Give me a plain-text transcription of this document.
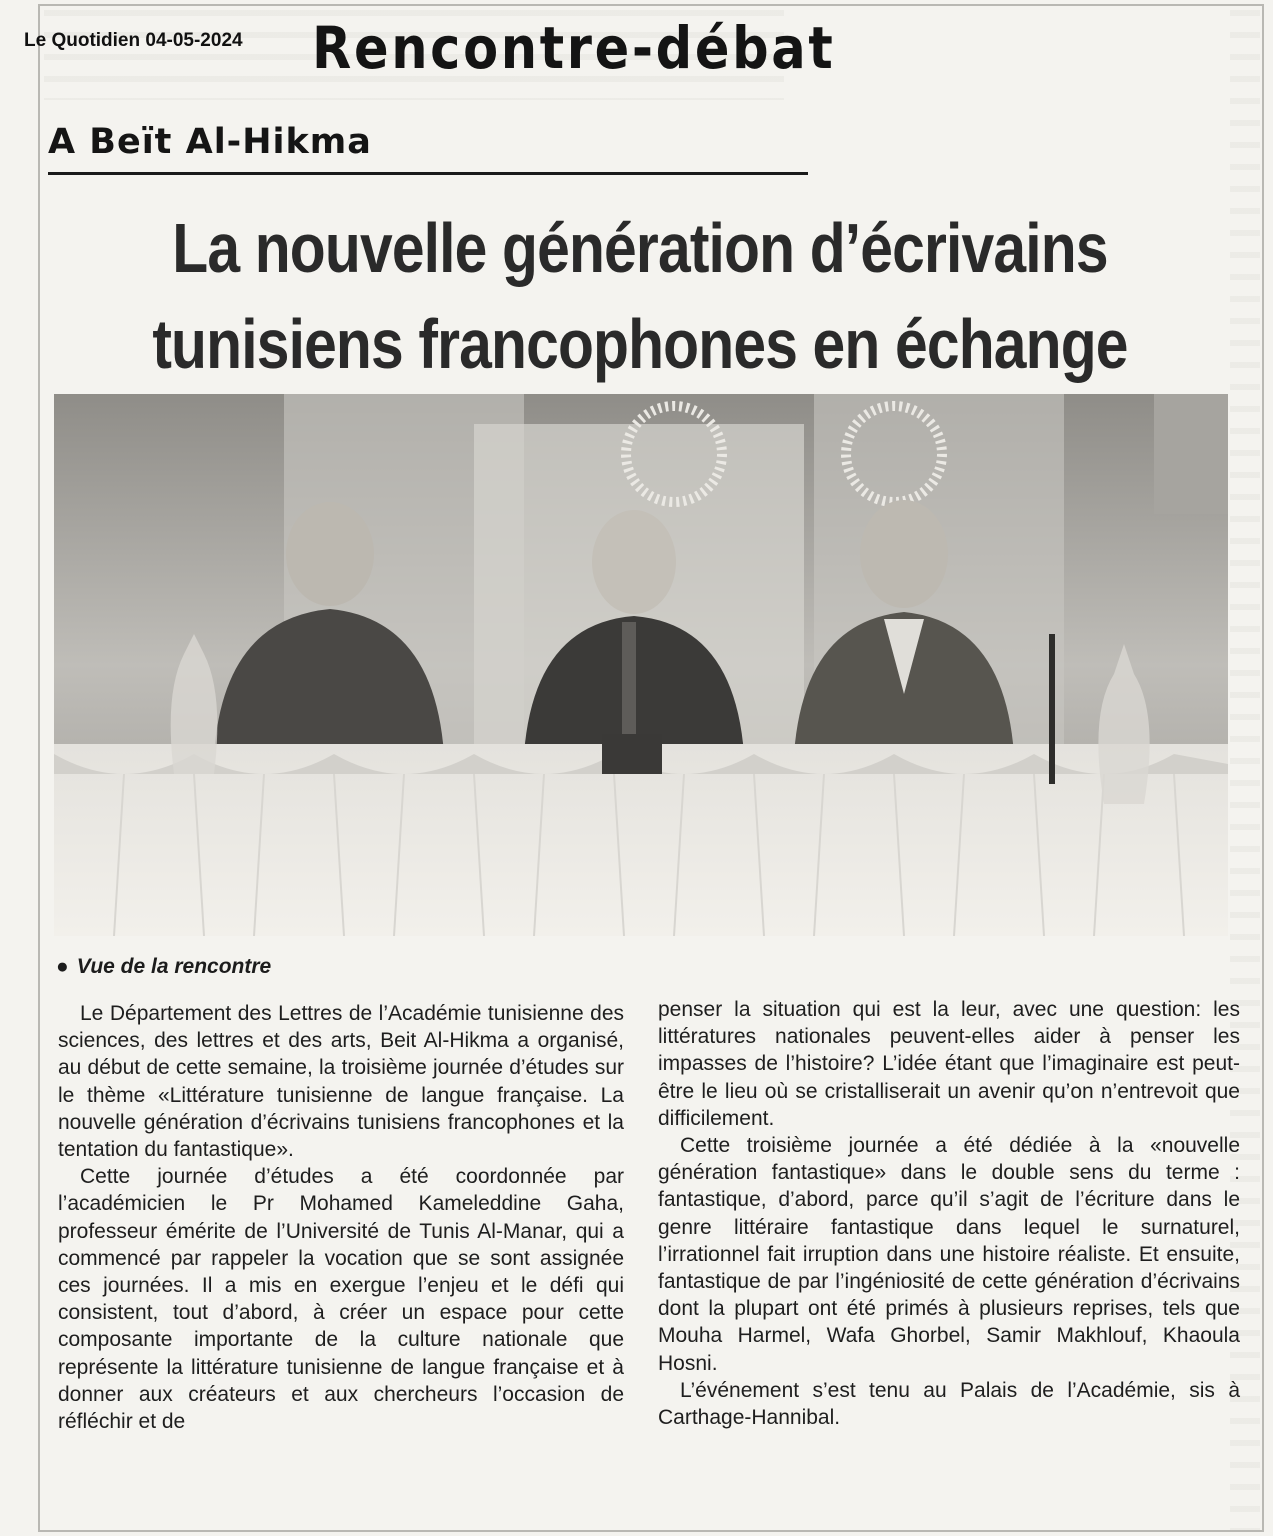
Le Quotidien 04-05-2024 Rencontre-débat
A Beït Al-Hikma
La nouvelle génération d’écrivains
tunisiens francophones en échange
● Vue de la rencontre

Le Département des Lettres de l’Académie tunisienne des sciences, des lettres et des arts, Beit Al-Hikma a organisé, au début de cette semaine, la troisième journée d’études sur le thème «Littérature tunisienne de langue française. La nouvelle génération d’écrivains tunisiens francophones et la tentation du fantastique».

Cette journée d’études a été coordonnée par l’académicien le Pr Mohamed Kameleddine Gaha, professeur émérite de l’Université de Tunis Al-Manar, qui a commencé par rappeler la vocation que se sont assignée ces journées. Il a mis en exergue l’enjeu et le défi qui consistent, tout d’abord, à créer un espace pour cette composante importante de la culture nationale que représente la littérature tunisienne de langue française et à donner aux créateurs et aux chercheurs l’occasion de réfléchir et de

penser la situation qui est la leur, avec une question: les littératures nationales peuvent-elles aider à penser les impasses de l’histoire? L’idée étant que l’imaginaire est peut-être le lieu où se cristalliserait un avenir qu’on n’entrevoit que difficilement.

Cette troisième journée a été dédiée à la «nouvelle génération fantastique» dans le double sens du terme : fantastique, d’abord, parce qu’il s’agit de l’écriture dans le genre littéraire fantastique dans lequel le surnaturel, l’irrationnel fait irruption dans une histoire réaliste. Et ensuite, fantastique de par l’ingéniosité de cette génération d’écrivains dont la plupart ont été primés à plusieurs reprises, tels que Mouha Harmel, Wafa Ghorbel, Samir Makhlouf, Khaoula Hosni.

L’événement s’est tenu au Palais de l’Académie, sis à Carthage-Hannibal.
